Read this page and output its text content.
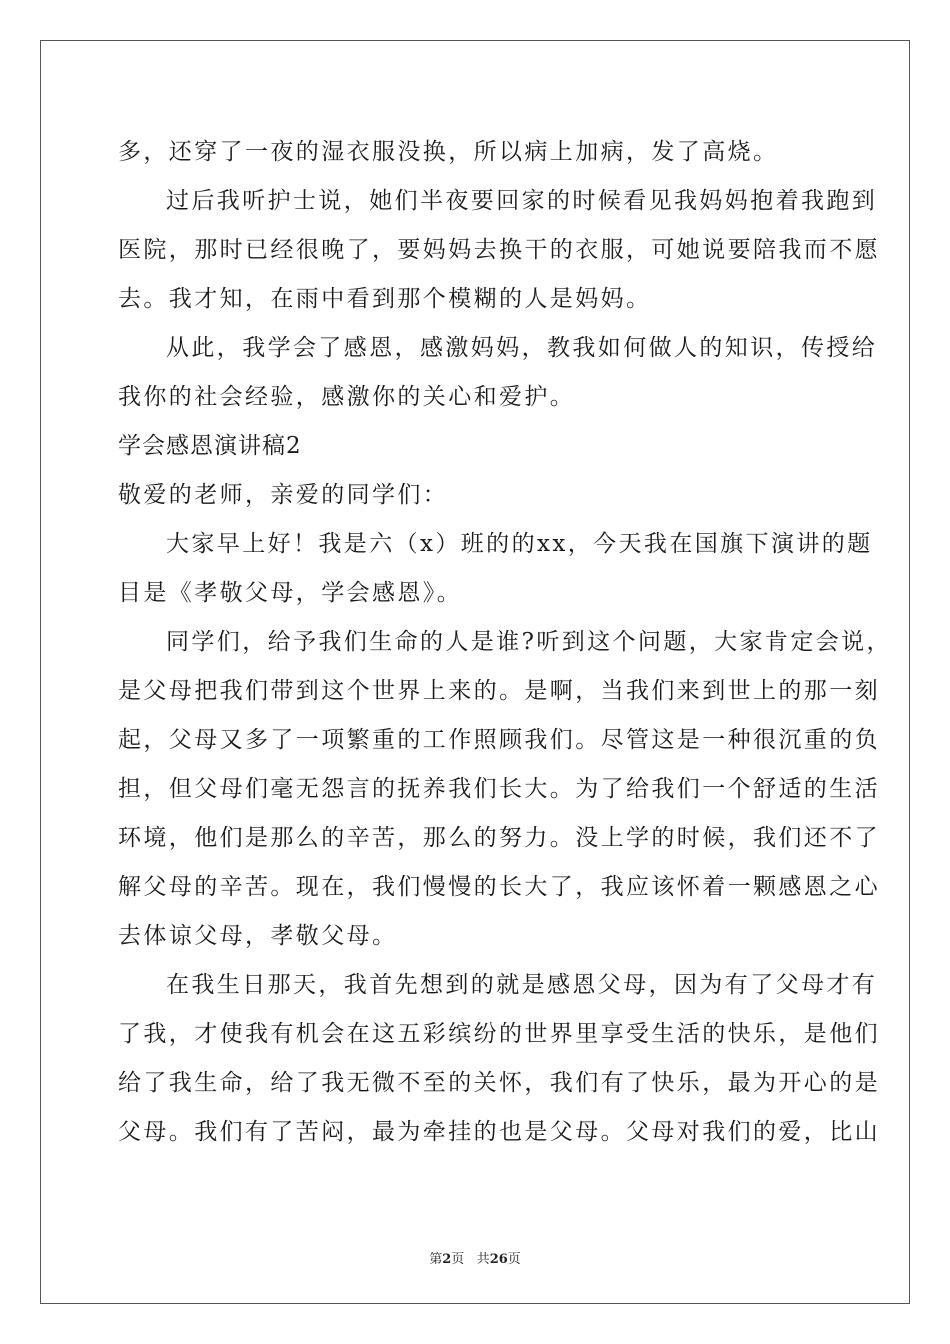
多，还穿了一夜的湿衣服没换，所以病上加病，发了高烧。
过后我听护士说，她们半夜要回家的时候看见我妈妈抱着我跑到
医院，那时已经很晚了，要妈妈去换干的衣服，可她说要陪我而不愿
去。我才知，在雨中看到那个模糊的人是妈妈。
从此，我学会了感恩，感激妈妈，教我如何做人的知识，传授给
我你的社会经验，感激你的关心和爱护。
学会感恩演讲稿2
敬爱的老师，亲爱的同学们：
大家早上好！我是六（x）班的的xx，今天我在国旗下演讲的题
目是《孝敬父母，学会感恩》。
同学们，给予我们生命的人是谁?听到这个问题，大家肯定会说，
是父母把我们带到这个世界上来的。是啊，当我们来到世上的那一刻
起，父母又多了一项繁重的工作照顾我们。尽管这是一种很沉重的负
担，但父母们毫无怨言的抚养我们长大。为了给我们一个舒适的生活
环境，他们是那么的辛苦，那么的努力。没上学的时候，我们还不了
解父母的辛苦。现在，我们慢慢的长大了，我应该怀着一颗感恩之心
去体谅父母，孝敬父母。
在我生日那天，我首先想到的就是感恩父母，因为有了父母才有
了我，才使我有机会在这五彩缤纷的世界里享受生活的快乐，是他们
给了我生命，给了我无微不至的关怀，我们有了快乐，最为开心的是
父母。我们有了苦闷，最为牵挂的也是父母。父母对我们的爱，比山
第2页 共26页
